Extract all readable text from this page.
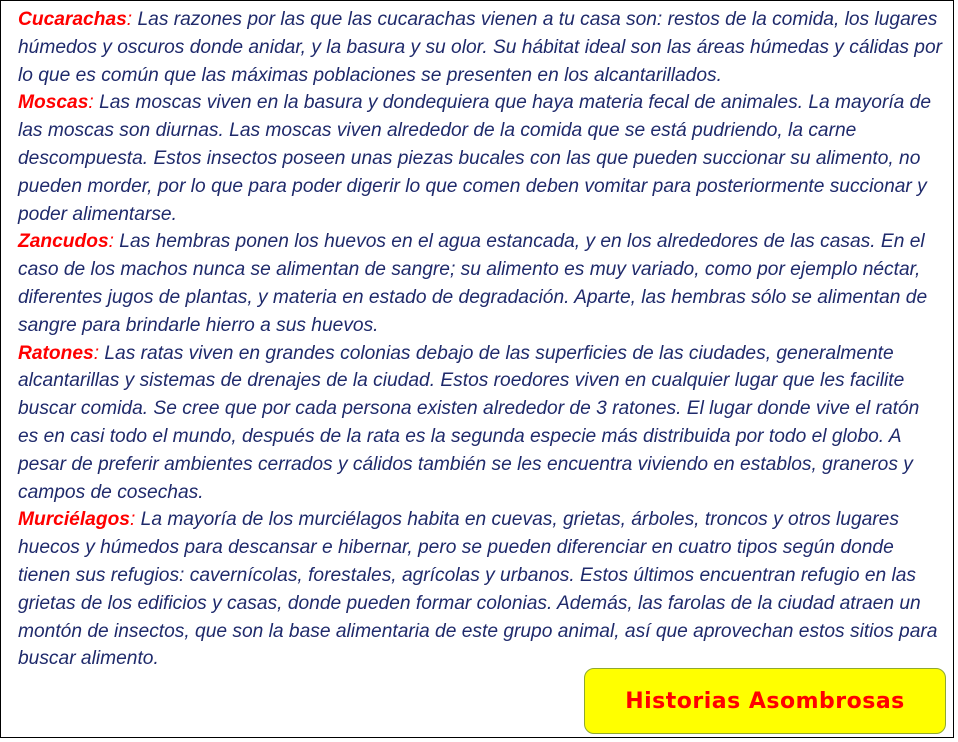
Cucarachas: Las razones por las que las cucarachas vienen a tu casa son: restos de la comida, los lugares húmedos y oscuros donde anidar, y la basura y su olor. Su hábitat ideal son las áreas húmedas y cálidas por lo que es común que las máximas poblaciones se presenten en los alcantarillados.

Moscas: Las moscas viven en la basura y dondequiera que haya materia fecal de animales. La mayoría de las moscas son diurnas. Las moscas viven alrededor de la comida que se está pudriendo, la carne descompuesta. Estos insectos poseen unas piezas bucales con las que pueden succionar su alimento, no pueden morder, por lo que para poder digerir lo que comen deben vomitar para posteriormente succionar y poder alimentarse.

Zancudos: Las hembras ponen los huevos en el agua estancada, y en los alrededores de las casas. En el caso de los machos nunca se alimentan de sangre; su alimento es muy variado, como por ejemplo néctar, diferentes jugos de plantas, y materia en estado de degradación. Aparte, las hembras sólo se alimentan de sangre para brindarle hierro a sus huevos.

Ratones: Las ratas viven en grandes colonias debajo de las superficies de las ciudades, generalmente alcantarillas y sistemas de drenajes de la ciudad. Estos roedores viven en cualquier lugar que les facilite buscar comida. Se cree que por cada persona existen alrededor de 3 ratones. El lugar donde vive el ratón es en casi todo el mundo, después de la rata es la segunda especie más distribuida por todo el globo. A pesar de preferir ambientes cerrados y cálidos también se les encuentra viviendo en establos, graneros y campos de cosechas.

Murciélagos: La mayoría de los murciélagos habita en cuevas, grietas, árboles, troncos y otros lugares huecos y húmedos para descansar e hibernar, pero se pueden diferenciar en cuatro tipos según donde tienen sus refugios: cavernícolas, forestales, agrícolas y urbanos. Estos últimos encuentran refugio en las grietas de los edificios y casas, donde pueden formar colonias. Además, las farolas de la ciudad atraen un montón de insectos, que son la base alimentaria de este grupo animal, así que aprovechan estos sitios para buscar alimento.

Historias Asombrosas
